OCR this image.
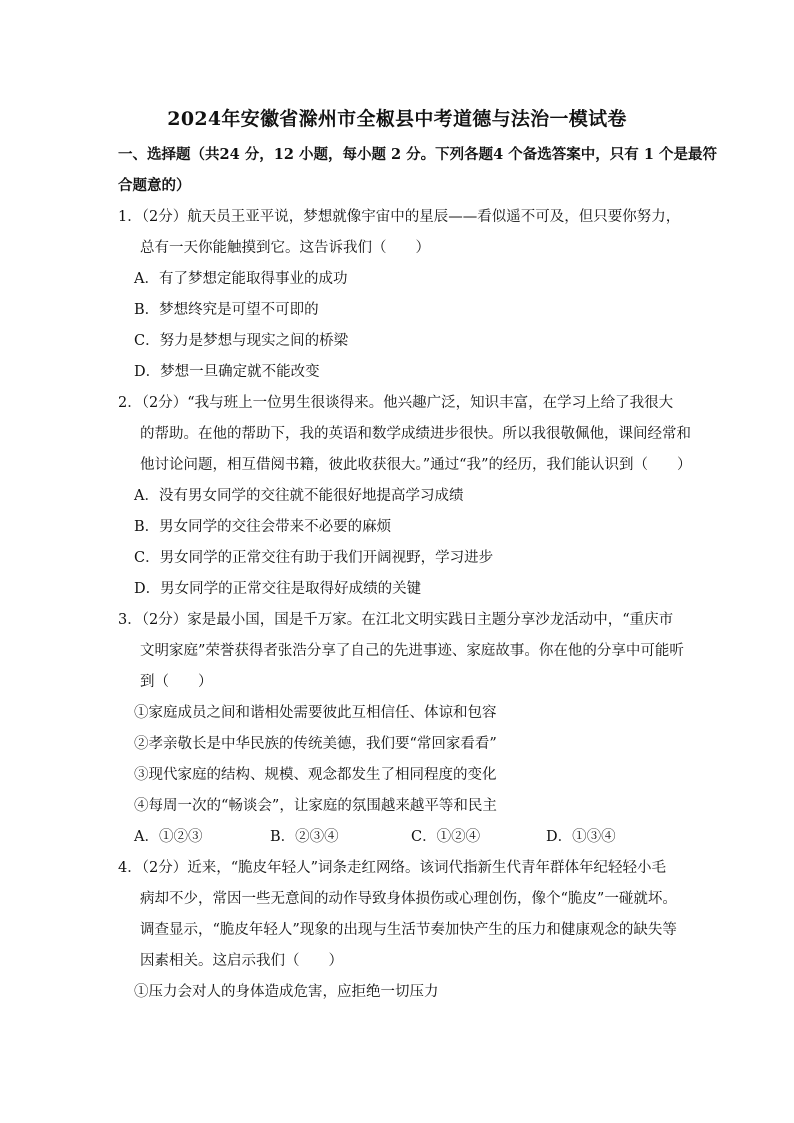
2024年安徽省滁州市全椒县中考道德与法治一模试卷
一、选择题（共24 分，12 小题，每小题 2 分。下列各题4 个备选答案中，只有 1 个是最符
合题意的）
1．（2分）航天员王亚平说，梦想就像宇宙中的星辰——看似遥不可及，但只要你努力，
总有一天你能触摸到它。这告诉我们（　　）
A．有了梦想定能取得事业的成功
B．梦想终究是可望不可即的
C．努力是梦想与现实之间的桥梁
D．梦想一旦确定就不能改变
2．（2分）“我与班上一位男生很谈得来。他兴趣广泛，知识丰富，在学习上给了我很大
的帮助。在他的帮助下，我的英语和数学成绩进步很快。所以我很敬佩他，课间经常和
他讨论问题，相互借阅书籍，彼此收获很大。”通过“我”的经历，我们能认识到（　　）
A．没有男女同学的交往就不能很好地提高学习成绩
B．男女同学的交往会带来不必要的麻烦
C．男女同学的正常交往有助于我们开阔视野，学习进步
D．男女同学的正常交往是取得好成绩的关键
3．（2分）家是最小国，国是千万家。在江北文明实践日主题分享沙龙活动中，“重庆市
文明家庭”荣誉获得者张浩分享了自己的先进事迹、家庭故事。你在他的分享中可能听
到（　　）
①家庭成员之间和谐相处需要彼此互相信任、体谅和包容
②孝亲敬长是中华民族的传统美德，我们要“常回家看看”
③现代家庭的结构、规模、观念都发生了相同程度的变化
④每周一次的“畅谈会”，让家庭的氛围越来越平等和民主
A．①②③	B．②③④	C．①②④	D．①③④
4．（2分）近来，“脆皮年轻人”词条走红网络。该词代指新生代青年群体年纪轻轻小毛
病却不少，常因一些无意间的动作导致身体损伤或心理创伤，像个“脆皮”一碰就坏。
调查显示，“脆皮年轻人”现象的出现与生活节奏加快产生的压力和健康观念的缺失等
因素相关。这启示我们（　　）
①压力会对人的身体造成危害，应拒绝一切压力
